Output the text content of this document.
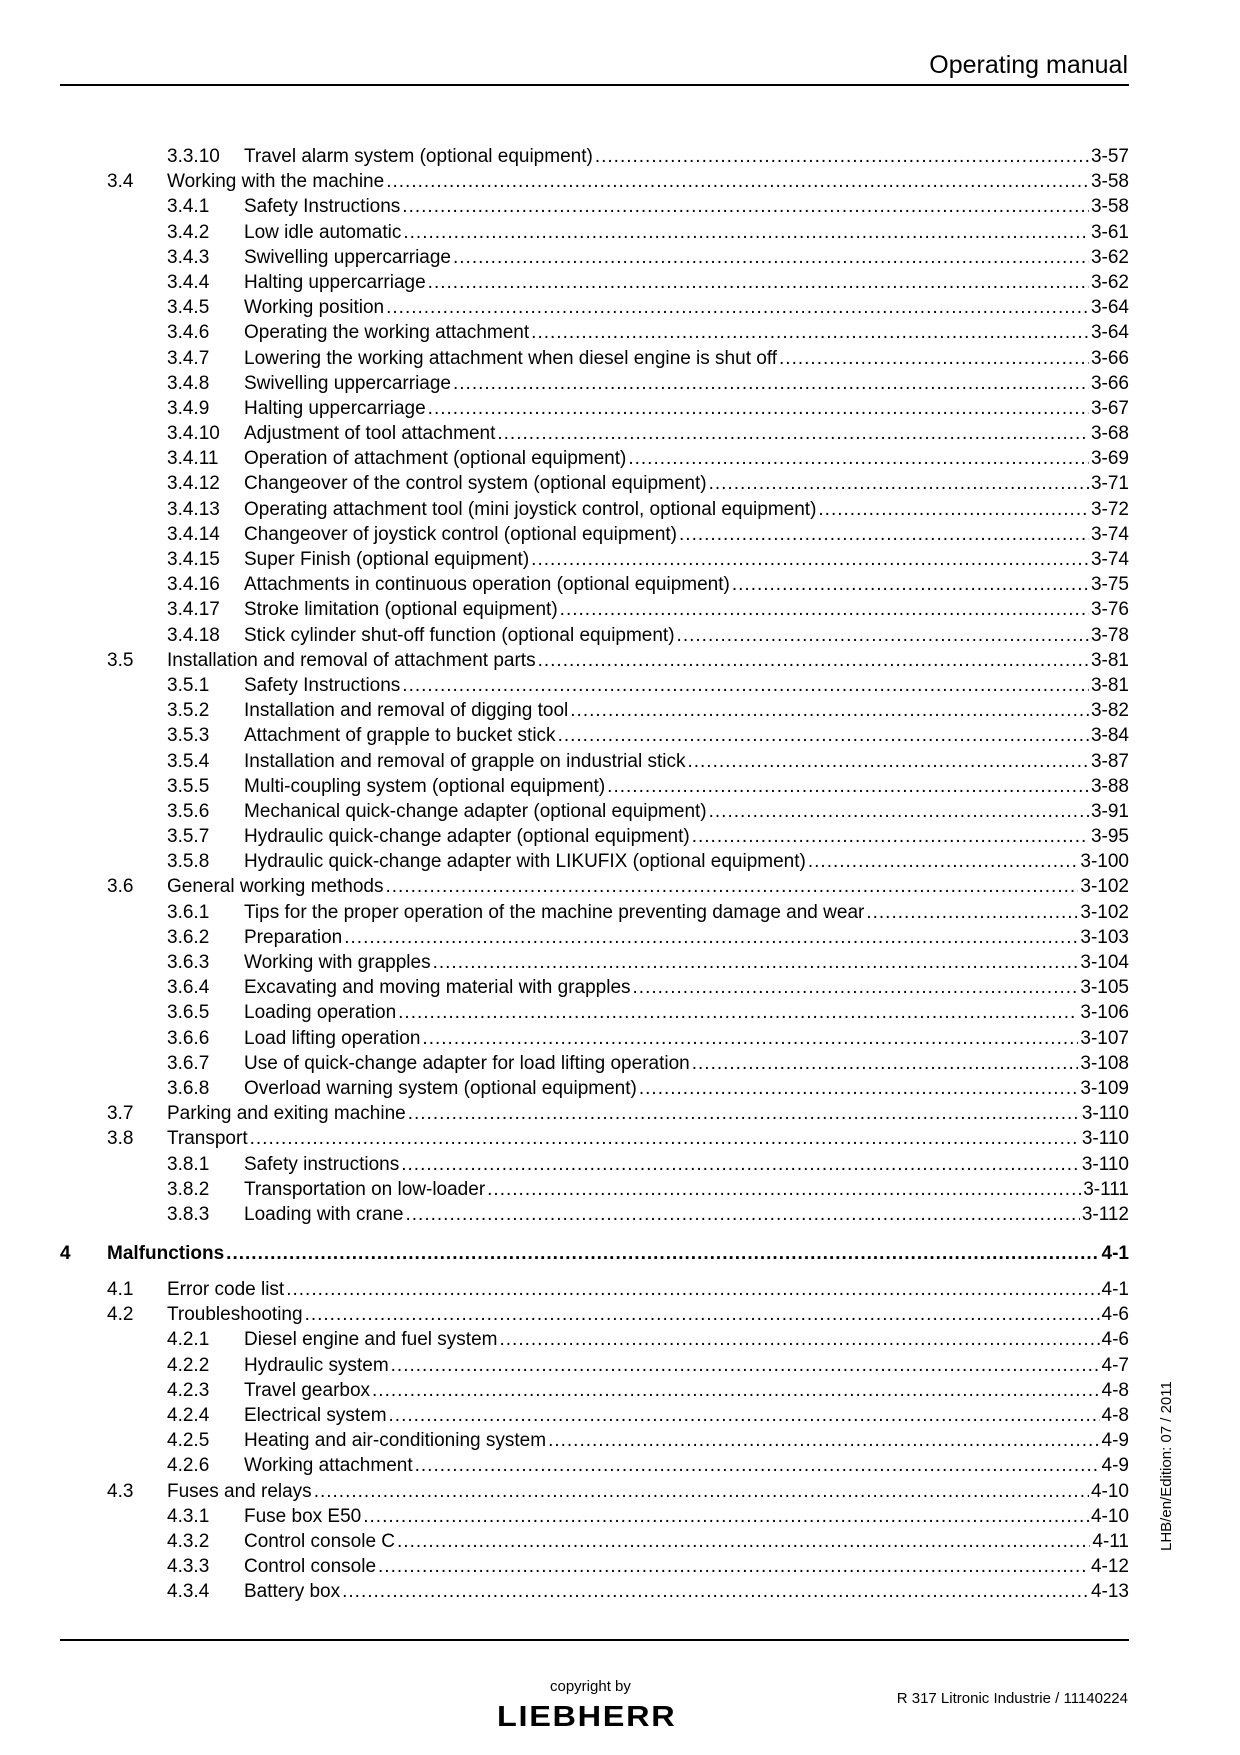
Operating manual
3.3.10 Travel alarm system (optional equipment) .....	3-57
3.4 Working with the machine .....	3-58
3.4.1 Safety Instructions .....	3-58
3.4.2 Low idle automatic .....	3-61
3.4.3 Swivelling uppercarriage .....	3-62
3.4.4 Halting uppercarriage .....	3-62
3.4.5 Working position .....	3-64
3.4.6 Operating the working attachment .....	3-64
3.4.7 Lowering the working attachment when diesel engine is shut off .....	3-66
3.4.8 Swivelling uppercarriage .....	3-66
3.4.9 Halting uppercarriage .....	3-67
3.4.10 Adjustment of tool attachment .....	3-68
3.4.11 Operation of attachment (optional equipment) .....	3-69
3.4.12 Changeover of the control system (optional equipment) .....	3-71
3.4.13 Operating attachment tool (mini joystick control, optional equipment) .....	3-72
3.4.14 Changeover of joystick control (optional equipment) .....	3-74
3.4.15 Super Finish (optional equipment) .....	3-74
3.4.16 Attachments in continuous operation (optional equipment) .....	3-75
3.4.17 Stroke limitation (optional equipment) .....	3-76
3.4.18 Stick cylinder shut-off function (optional equipment) .....	3-78
3.5 Installation and removal of attachment parts .....	3-81
3.5.1 Safety Instructions .....	3-81
3.5.2 Installation and removal of digging tool .....	3-82
3.5.3 Attachment of grapple to bucket stick .....	3-84
3.5.4 Installation and removal of grapple on industrial stick .....	3-87
3.5.5 Multi-coupling system (optional equipment) .....	3-88
3.5.6 Mechanical quick-change adapter (optional equipment) .....	3-91
3.5.7 Hydraulic quick-change adapter (optional equipment) .....	3-95
3.5.8 Hydraulic quick-change adapter with LIKUFIX (optional equipment) .....	3-100
3.6 General working methods .....	3-102
3.6.1 Tips for the proper operation of the machine preventing damage and wear .....	3-102
3.6.2 Preparation .....	3-103
3.6.3 Working with grapples .....	3-104
3.6.4 Excavating and moving material with grapples .....	3-105
3.6.5 Loading operation .....	3-106
3.6.6 Load lifting operation .....	3-107
3.6.7 Use of quick-change adapter for load lifting operation .....	3-108
3.6.8 Overload warning system (optional equipment) .....	3-109
3.7 Parking and exiting machine .....	3-110
3.8 Transport .....	3-110
3.8.1 Safety instructions .....	3-110
3.8.2 Transportation on low-loader .....	3-111
3.8.3 Loading with crane .....	3-112
4 Malfunctions .....	4-1
4.1 Error code list .....	4-1
4.2 Troubleshooting .....	4-6
4.2.1 Diesel engine and fuel system .....	4-6
4.2.2 Hydraulic system .....	4-7
4.2.3 Travel gearbox .....	4-8
4.2.4 Electrical system .....	4-8
4.2.5 Heating and air-conditioning system .....	4-9
4.2.6 Working attachment .....	4-9
4.3 Fuses and relays .....	4-10
4.3.1 Fuse box E50 .....	4-10
4.3.2 Control console C .....	4-11
4.3.3 Control console .....	4-12
4.3.4 Battery box .....	4-13
LHB/en/Edition: 07 / 2011
copyright by
LIEBHERR
R 317 Litronic Industrie / 11140224
